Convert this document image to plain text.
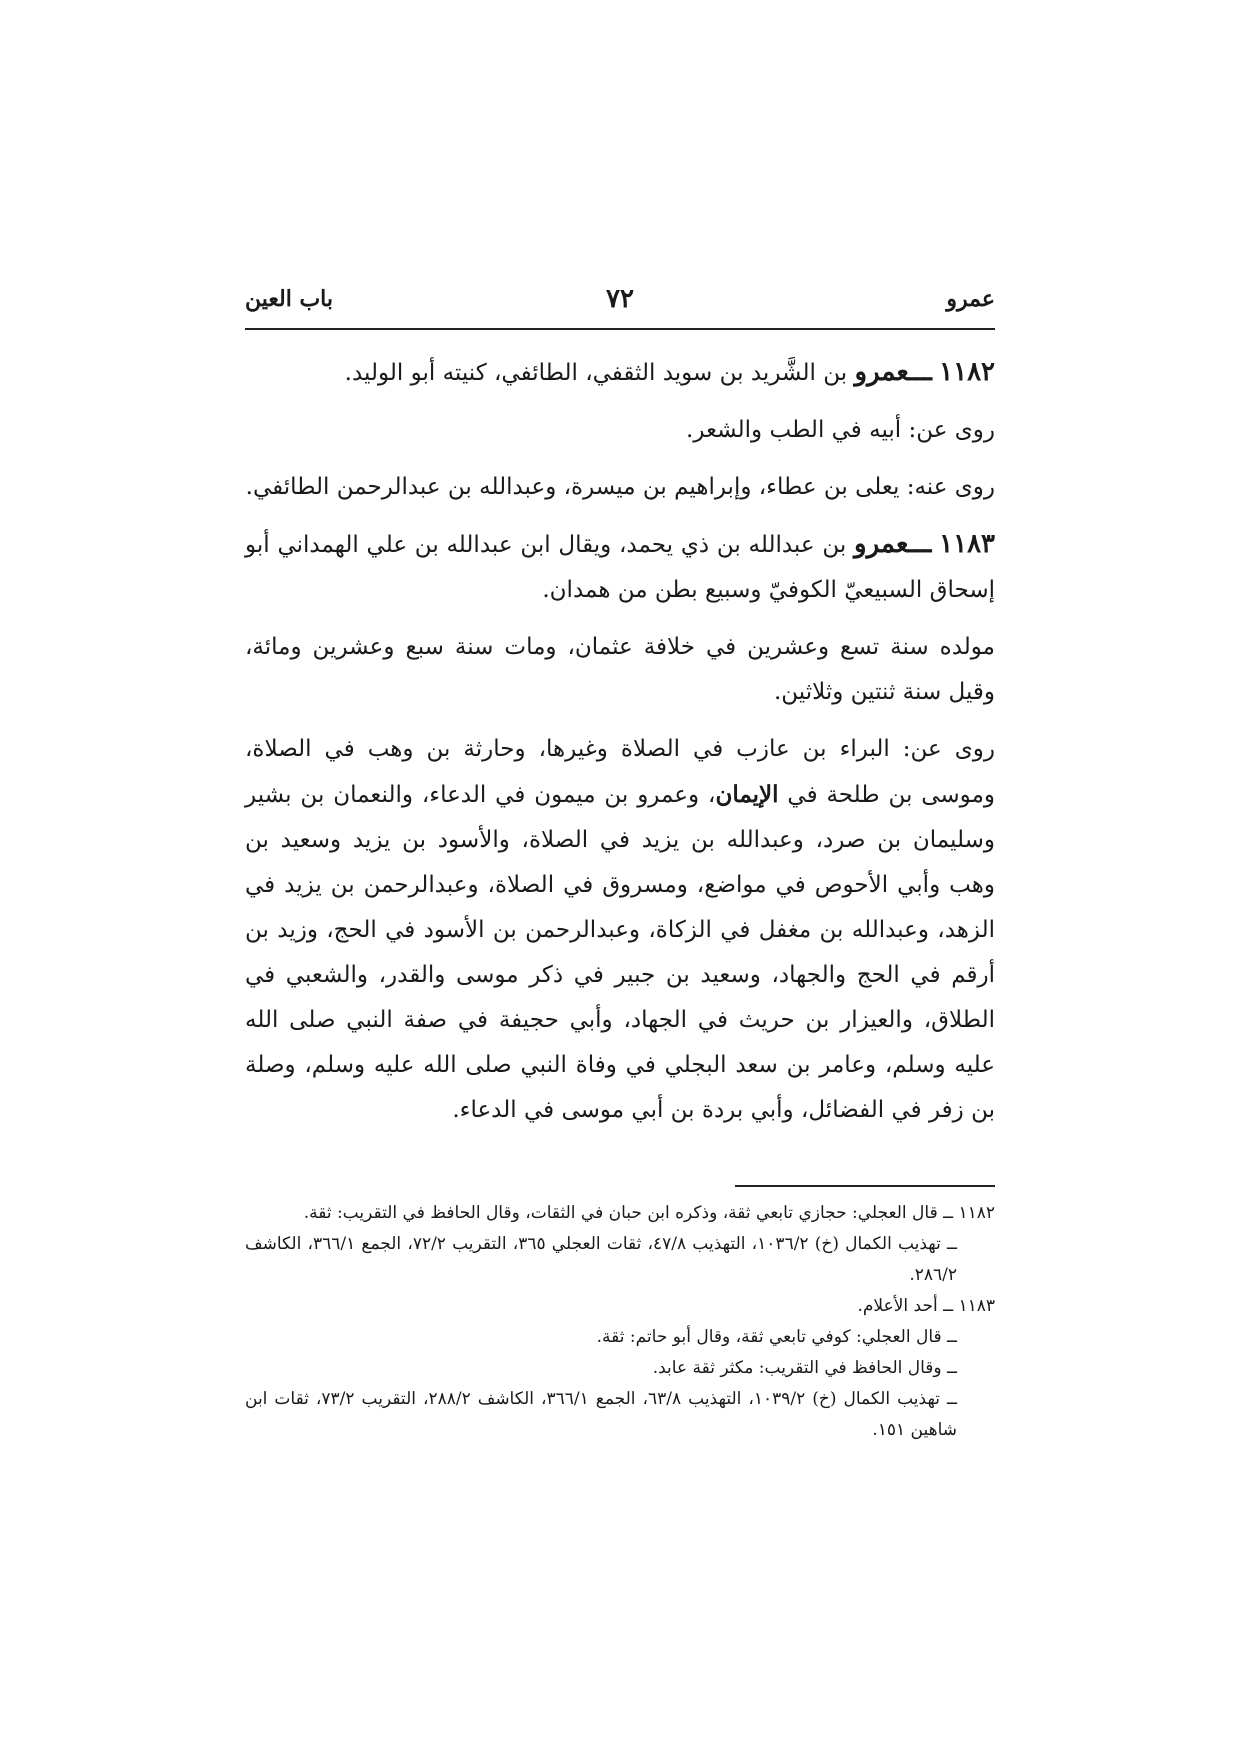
عمرو
٧٢
باب العين

١١٨٢ ـــعمرو بن الشَّريد بن سويد الثقفي، الطائفي، كنيته أبو الوليد.

روى عن: أبيه في الطب والشعر.

روى عنه: يعلى بن عطاء، وإبراهيم بن ميسرة، وعبدالله بن عبدالرحمن الطائفي.

١١٨٣ ـــعمرو بن عبدالله بن ذي يحمد، ويقال ابن عبدالله بن علي الهمداني أبو إسحاق السبيعيّ الكوفيّ وسبيع بطن من همدان.

مولده سنة تسع وعشرين في خلافة عثمان، ومات سنة سبع وعشرين ومائة، وقيل سنة ثنتين وثلاثين.

روى عن: البراء بن عازب في الصلاة وغيرها، وحارثة بن وهب في الصلاة، وموسى بن طلحة في الإيمان، وعمرو بن ميمون في الدعاء، والنعمان بن بشير وسليمان بن صرد، وعبدالله بن يزيد في الصلاة، والأسود بن يزيد وسعيد بن وهب وأبي الأحوص في مواضع، ومسروق في الصلاة، وعبدالرحمن بن يزيد في الزهد، وعبدالله بن مغفل في الزكاة، وعبدالرحمن بن الأسود في الحج، وزيد بن أرقم في الحج والجهاد، وسعيد بن جبير في ذكر موسى والقدر، والشعبي في الطلاق، والعيزار بن حريث في الجهاد، وأبي حجيفة في صفة النبي صلى الله عليه وسلم، وعامر بن سعد البجلي في وفاة النبي صلى الله عليه وسلم، وصلة بن زفر في الفضائل، وأبي بردة بن أبي موسى في الدعاء.

١١٨٢ ــ قال العجلي: حجازي تابعي ثقة، وذكره ابن حبان في الثقات، وقال الحافظ في التقريب: ثقة.

ــ تهذيب الكمال (خ) ١٠٣٦/٢، التهذيب ٤٧/٨، ثقات العجلي ٣٦٥، التقريب ٧٢/٢، الجمع ٣٦٦/١، الكاشف ٢٨٦/٢.

١١٨٣ ــ أحد الأعلام.

ــ قال العجلي: كوفي تابعي ثقة، وقال أبو حاتم: ثقة.

ــ وقال الحافظ في التقريب: مكثر ثقة عابد.

ــ تهذيب الكمال (خ) ١٠٣٩/٢، التهذيب ٦٣/٨، الجمع ٣٦٦/١، الكاشف ٢٨٨/٢، التقريب ٧٣/٢، ثقات ابن شاهين ١٥١.
